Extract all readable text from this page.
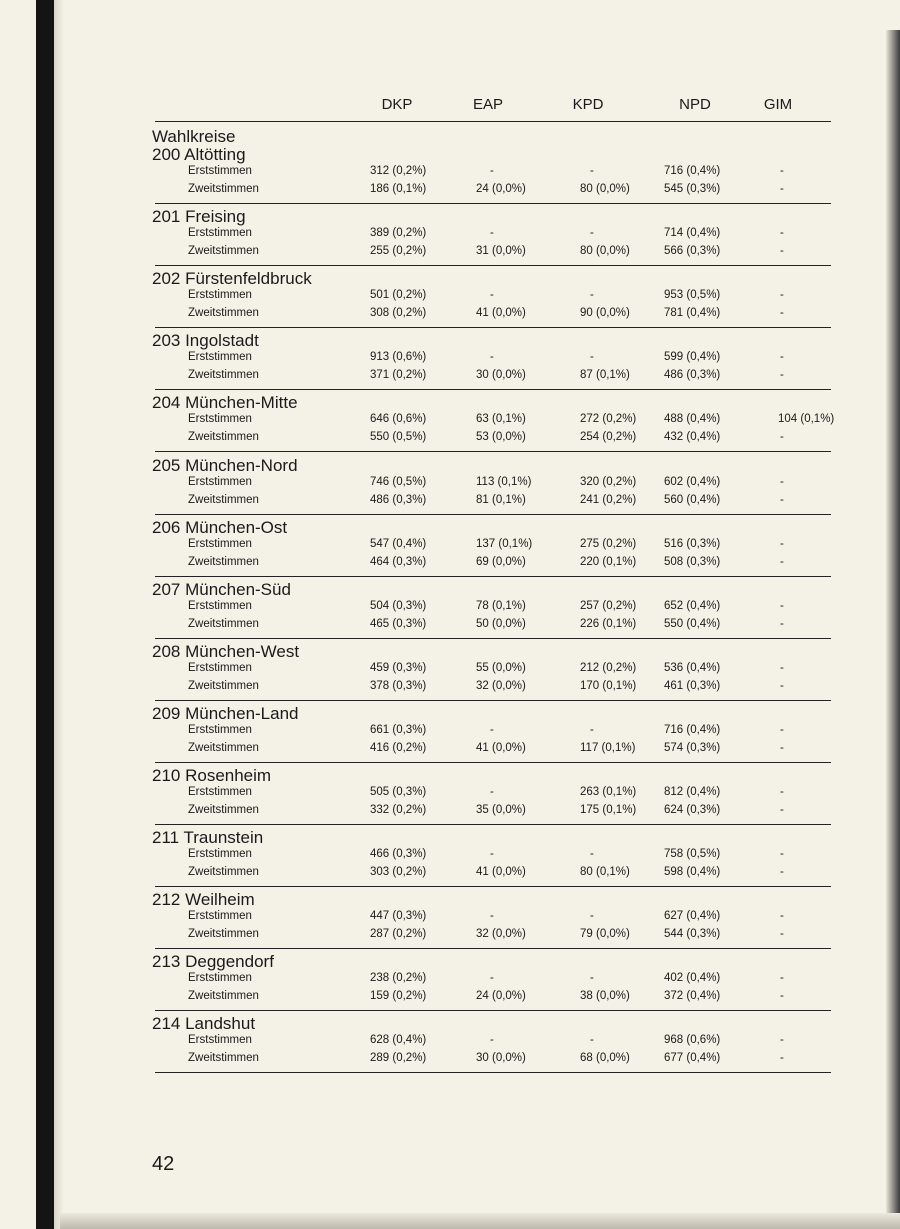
DKP	EAP	KPD	NPD	GIM
Wahlkreise
200 Altötting
Erststimmen	312 (0,2%)	-	-	716 (0,4%)	-
Zweitstimmen	186 (0,1%)	24 (0,0%)	80 (0,0%)	545 (0,3%)	-
201 Freising
Erststimmen	389 (0,2%)	-	-	714 (0,4%)	-
Zweitstimmen	255 (0,2%)	31 (0,0%)	80 (0,0%)	566 (0,3%)	-
202 Fürstenfeldbruck
Erststimmen	501 (0,2%)	-	-	953 (0,5%)	-
Zweitstimmen	308 (0,2%)	41 (0,0%)	90 (0,0%)	781 (0,4%)	-
203 Ingolstadt
Erststimmen	913 (0,6%)	-	-	599 (0,4%)	-
Zweitstimmen	371 (0,2%)	30 (0,0%)	87 (0,1%)	486 (0,3%)	-
204 München-Mitte
Erststimmen	646 (0,6%)	63 (0,1%)	272 (0,2%) 488 (0,4%)	104 (0,1%)
Zweitstimmen	550 (0,5%)	53 (0,0%)	254 (0,2%) 432 (0,4%)	-
205 München-Nord
Erststimmen	746 (0,5%)	113 (0,1%)	320 (0,2%) 602 (0,4%)	-
Zweitstimmen	486 (0,3%)	81 (0,1%)	241 (0,2%) 560 (0,4%)	-
206 München-Ost
Erststimmen	547 (0,4%)	137 (0,1%)	275 (0,2%) 516 (0,3%)	-
Zweitstimmen	464 (0,3%)	69 (0,0%)	220 (0,1%) 508 (0,3%)	-
207 München-Süd
Erststimmen	504 (0,3%)	78 (0,1%)	257 (0,2%) 652 (0,4%)	-
Zweitstimmen	465 (0,3%)	50 (0,0%)	226 (0,1%) 550 (0,4%)	-
208 München-West
Erststimmen	459 (0,3%)	55 (0,0%)	212 (0,2%) 536 (0,4%)	-
Zweitstimmen	378 (0,3%)	32 (0,0%)	170 (0,1%) 461 (0,3%)	-
209 München-Land
Erststimmen	661 (0,3%)	-	-	716 (0,4%)	-
Zweitstimmen	416 (0,2%)	41 (0,0%)	117 (0,1%) 574 (0,3%)	-
210 Rosenheim
Erststimmen	505 (0,3%)	-	263 (0,1%) 812 (0,4%)	-
Zweitstimmen	332 (0,2%)	35 (0,0%)	175 (0,1%) 624 (0,3%)	-
211 Traunstein
Erststimmen	466 (0,3%)	-	-	758 (0,5%)	-
Zweitstimmen	303 (0,2%)	41 (0,0%)	80 (0,1%)	598 (0,4%)	-
212 Weilheim
Erststimmen	447 (0,3%)	-	-	627 (0,4%)	-
Zweitstimmen	287 (0,2%)	32 (0,0%)	79 (0,0%)	544 (0,3%)	-
213 Deggendorf
Erststimmen	238 (0,2%)	-	-	402 (0,4%)	-
Zweitstimmen	159 (0,2%)	24 (0,0%)	38 (0,0%)	372 (0,4%)	-
214 Landshut
Erststimmen	628 (0,4%)	-	-	968 (0,6%)	-
Zweitstimmen	289 (0,2%)	30 (0,0%)	68 (0,0%)	677 (0,4%)	-
42
